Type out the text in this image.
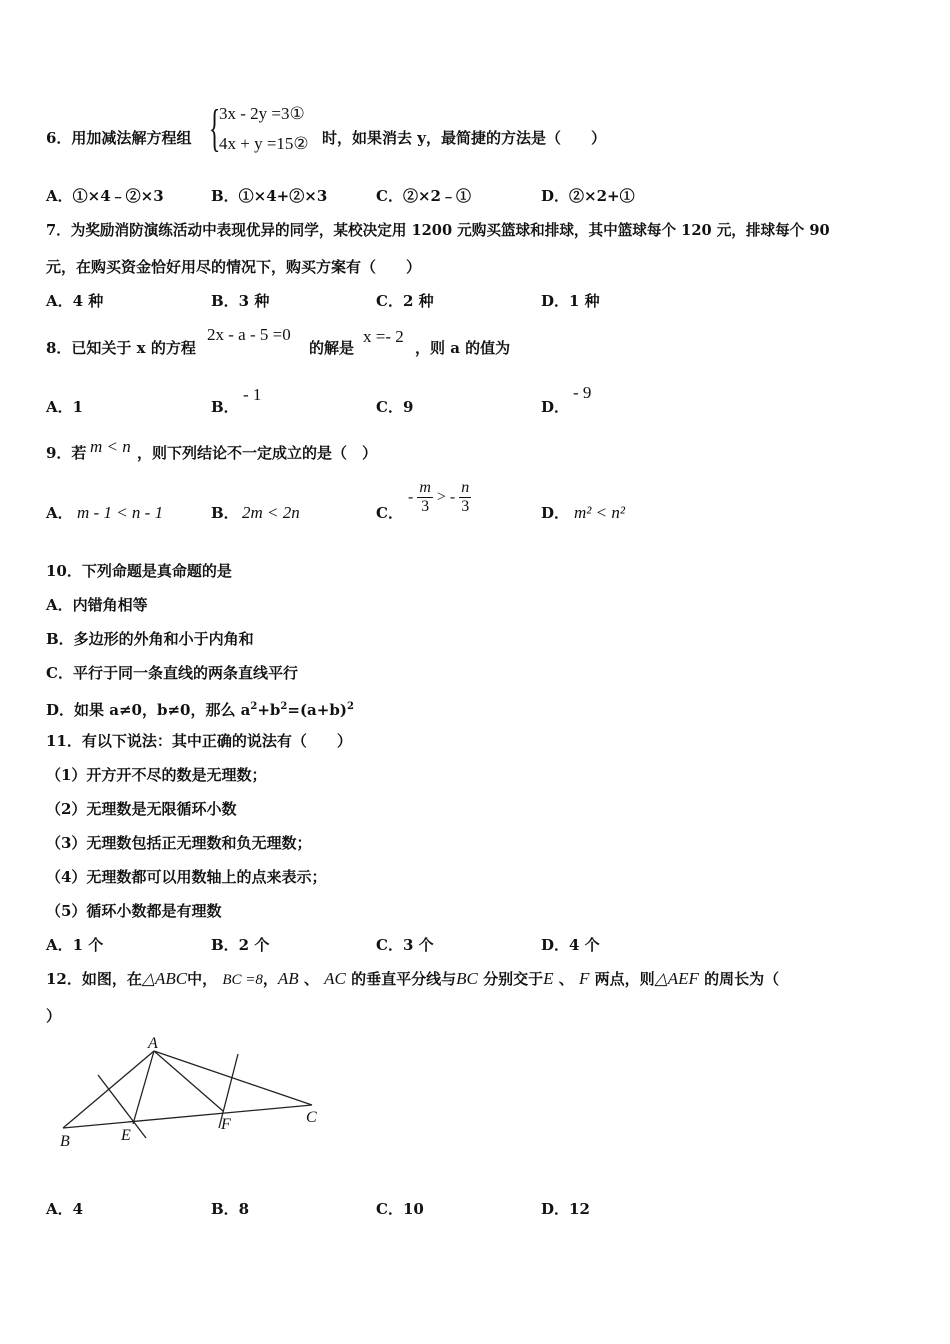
6．用加减法解方程组 {
3x - 2y =3①
4x + y =15② 时，如果消去 y，最简捷的方法是（　　）
A．①×4﹣②×3	B．①×4+②×3	C．②×2﹣①	D．②×2+①
7．为奖励消防演练活动中表现优异的同学，某校决定用 1200 元购买篮球和排球，其中篮球每个 120 元，排球每个 90
元，在购买资金恰好用尽的情况下，购买方案有（　　）
A．4 种	B．3 种	C．2 种	D．1 种
8．已知关于 x 的方程
2x - a - 5 =0
的解是
x =- 2
，则 a 的值为
A．1	B．
- 1
C．9	D．
- 9
9．若 m < n ，则下列结论不一定成立的是（　）
A． m - 1 < n - 1	B． 2m < 2n	C．
- $\frac{m}{3}$ > - $\frac{n}{3}$	D． m² < n²
10．下列命题是真命题的是
A．内错角相等
B．多边形的外角和小于内角和
C．平行于同一条直线的两条直线平行
D．如果 a≠0，b≠0，那么 $a^2+b^2=(a+b)^2$
11．有以下说法：其中正确的说法有（　　）
（1）开方开不尽的数是无理数；
（2）无理数是无限循环小数
（3）无理数包括正无理数和负无理数；
（4）无理数都可以用数轴上的点来表示；
（5）循环小数都是有理数
A．1 个	B．2 个	C．3 个	D．4 个
12．如图，在△ABC中， BC =8，AB 、 AC 的垂直平分线与BC 分别交于E 、 F 两点，则△AEF 的周长为（
）
A
B	E
F	C
A．4	B．8	C．10	D．12
